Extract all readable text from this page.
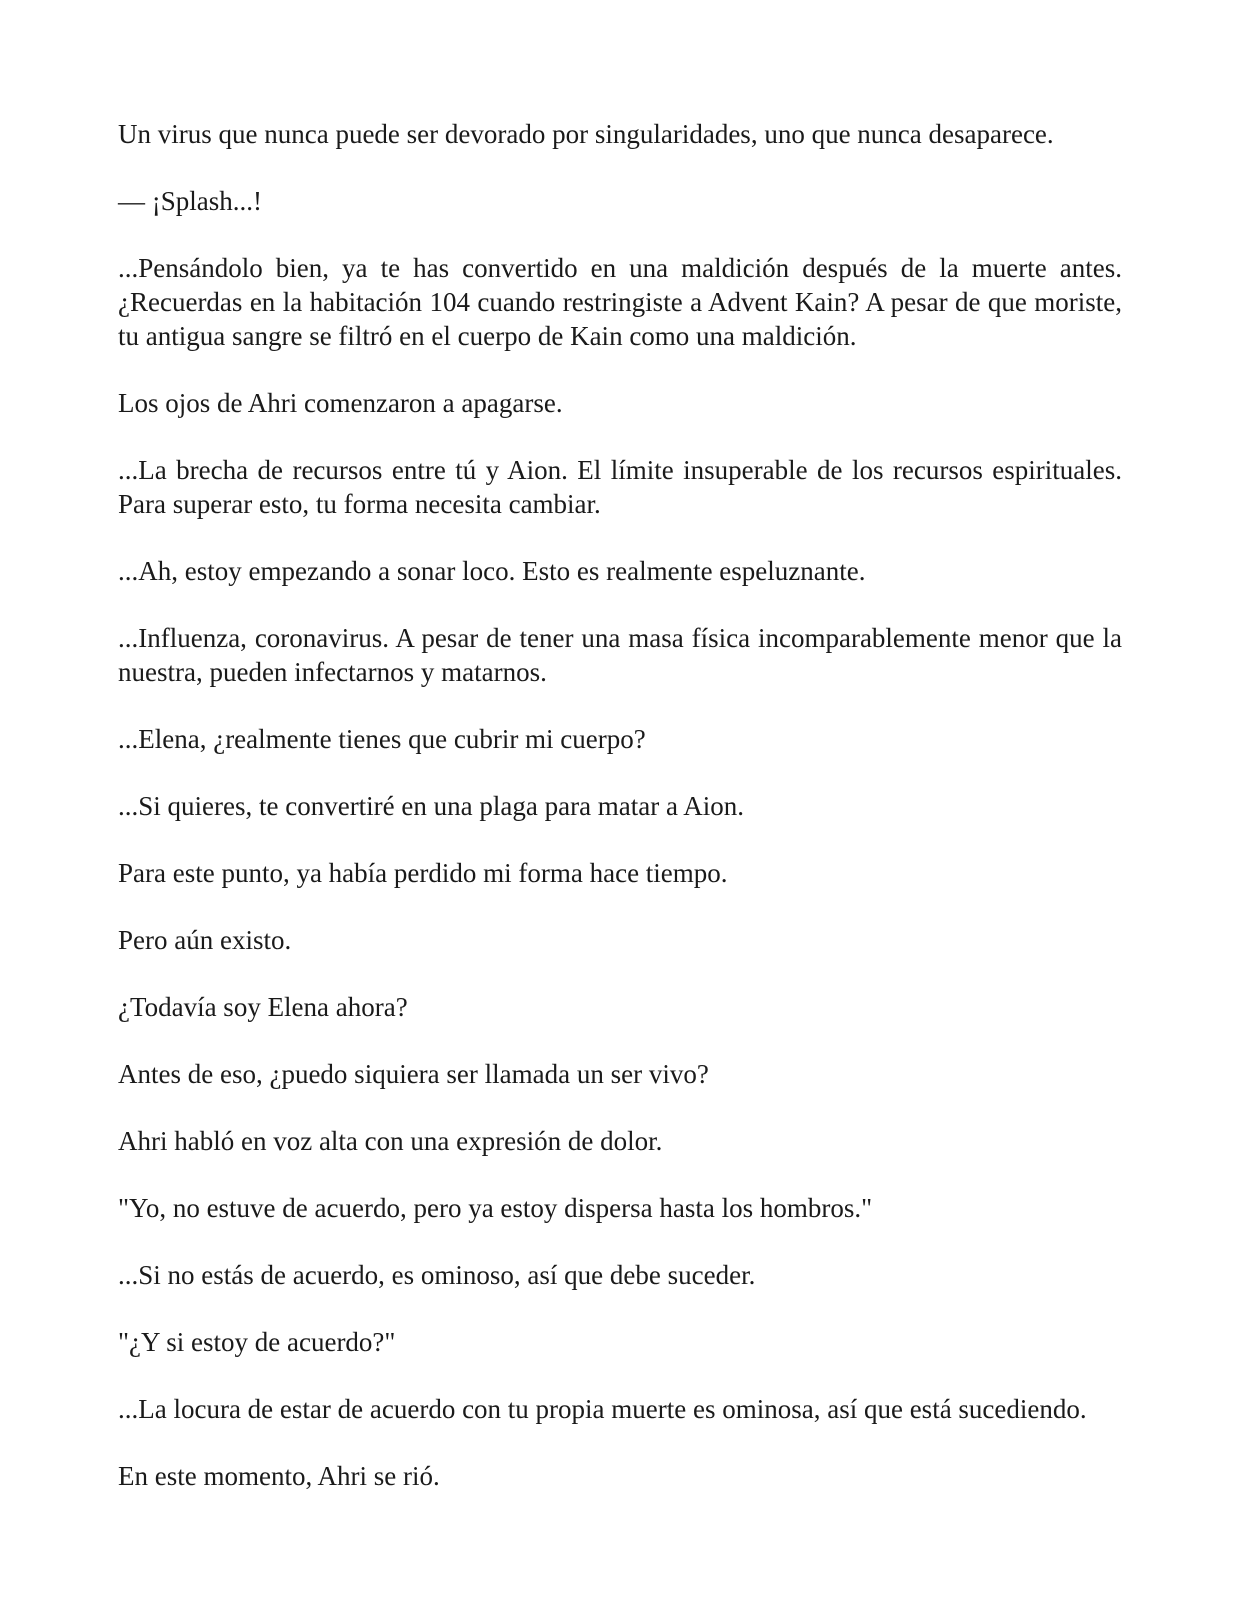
Un virus que nunca puede ser devorado por singularidades, uno que nunca desaparece.

— ¡Splash...!

...Pensándolo bien, ya te has convertido en una maldición después de la muerte antes. ¿Recuerdas en la habitación 104 cuando restringiste a Advent Kain? A pesar de que moriste, tu antigua sangre se filtró en el cuerpo de Kain como una maldición.

Los ojos de Ahri comenzaron a apagarse.

...La brecha de recursos entre tú y Aion. El límite insuperable de los recursos espirituales. Para superar esto, tu forma necesita cambiar.

...Ah, estoy empezando a sonar loco. Esto es realmente espeluznante.

...Influenza, coronavirus. A pesar de tener una masa física incomparablemente menor que la nuestra, pueden infectarnos y matarnos.

...Elena, ¿realmente tienes que cubrir mi cuerpo?

...Si quieres, te convertiré en una plaga para matar a Aion.

Para este punto, ya había perdido mi forma hace tiempo.

Pero aún existo.

¿Todavía soy Elena ahora?

Antes de eso, ¿puedo siquiera ser llamada un ser vivo?

Ahri habló en voz alta con una expresión de dolor.

"Yo, no estuve de acuerdo, pero ya estoy dispersa hasta los hombros."

...Si no estás de acuerdo, es ominoso, así que debe suceder.

"¿Y si estoy de acuerdo?"

...La locura de estar de acuerdo con tu propia muerte es ominosa, así que está sucediendo.

En este momento, Ahri se rió.
